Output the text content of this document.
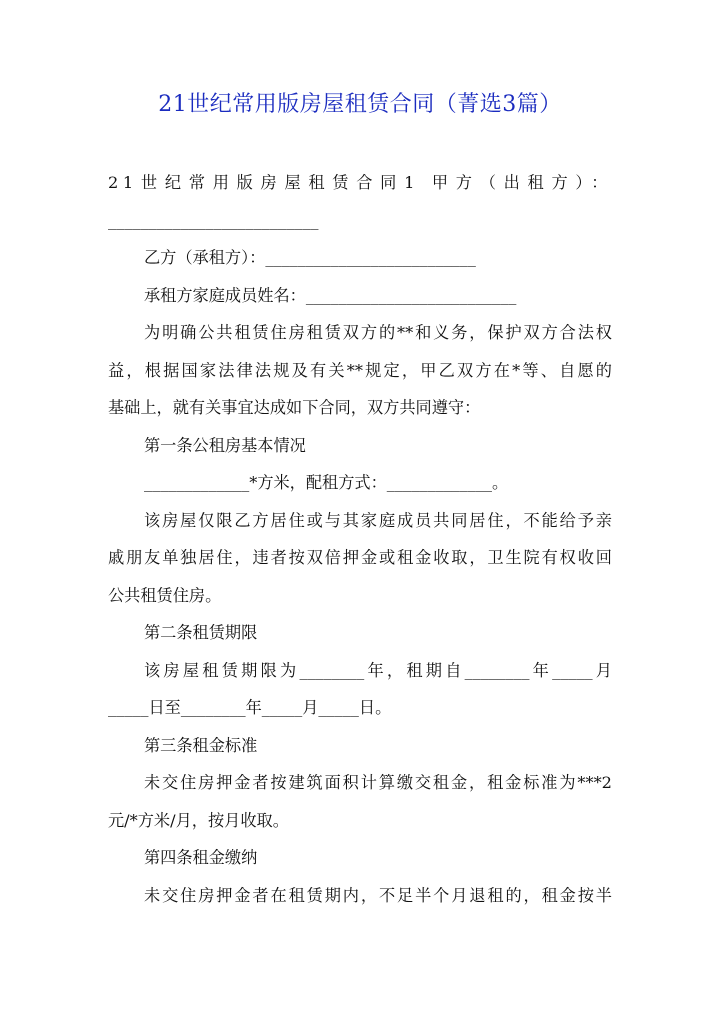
21世纪常用版房屋租赁合同（菁选3篇）
21世纪常用版房屋租赁合同1 甲方（出租方）：
__________________________
乙方（承租方）：__________________________
承租方家庭成员姓名：__________________________
为明确公共租赁住房租赁双方的**和义务，保护双方合法权
益，根据国家法律法规及有关**规定，甲乙双方在*等、自愿的
基础上，就有关事宜达成如下合同，双方共同遵守：
第一条公租房基本情况
_____________*方米，配租方式：_____________。
该房屋仅限乙方居住或与其家庭成员共同居住，不能给予亲
戚朋友单独居住，违者按双倍押金或租金收取，卫生院有权收回
公共租赁住房。
第二条租赁期限
该房屋租赁期限为________年，租期自________年_____月
_____日至________年_____月_____日。
第三条租金标准
未交住房押金者按建筑面积计算缴交租金，租金标准为***2
元/*方米/月，按月收取。
第四条租金缴纳
未交住房押金者在租赁期内，不足半个月退租的，租金按半
